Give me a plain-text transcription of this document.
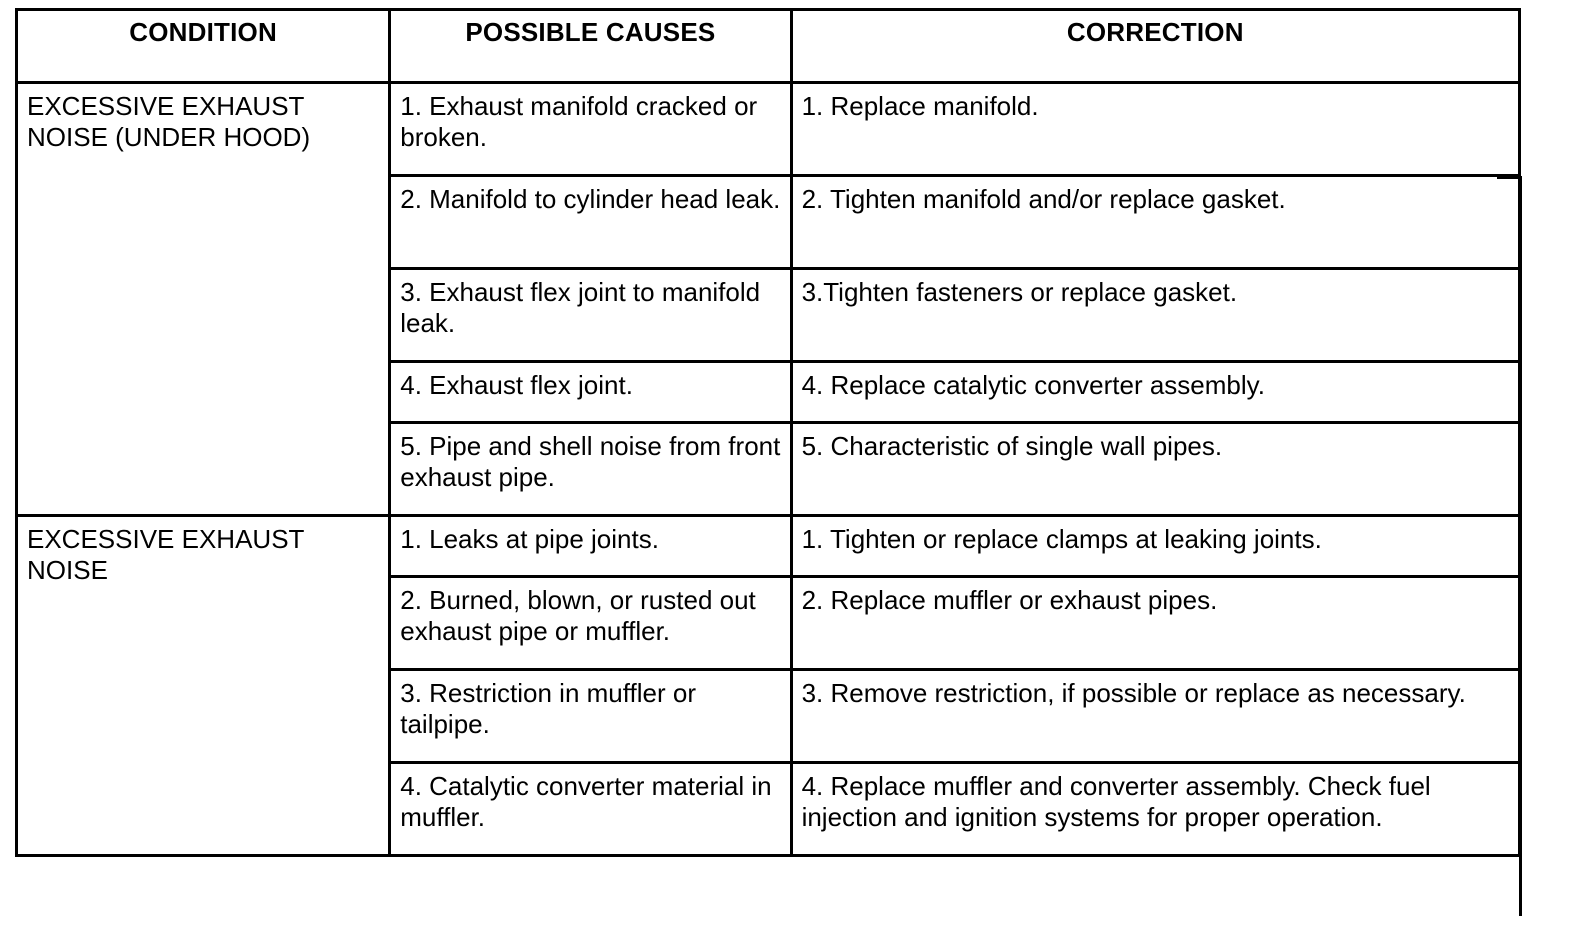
CONDITION	POSSIBLE CAUSES	CORRECTION

EXCESSIVE EXHAUST NOISE (UNDER HOOD)	1. Exhaust manifold cracked or broken.	1. Replace manifold.

	2. Manifold to cylinder head leak.	2. Tighten manifold and/or replace gasket.

	3. Exhaust flex joint to manifold leak.	3.Tighten fasteners or replace gasket.

	4. Exhaust flex joint.	4. Replace catalytic converter assembly.

	5. Pipe and shell noise from front exhaust pipe.	5. Characteristic of single wall pipes.

EXCESSIVE EXHAUST NOISE	1. Leaks at pipe joints.	1. Tighten or replace clamps at leaking joints.

	2. Burned, blown, or rusted out exhaust pipe or muffler.	2. Replace muffler or exhaust pipes.

	3. Restriction in muffler or tailpipe.	3. Remove restriction, if possible or replace as necessary.

	4. Catalytic converter material in muffler.	4. Replace muffler and converter assembly. Check fuel injection and ignition systems for proper operation.
